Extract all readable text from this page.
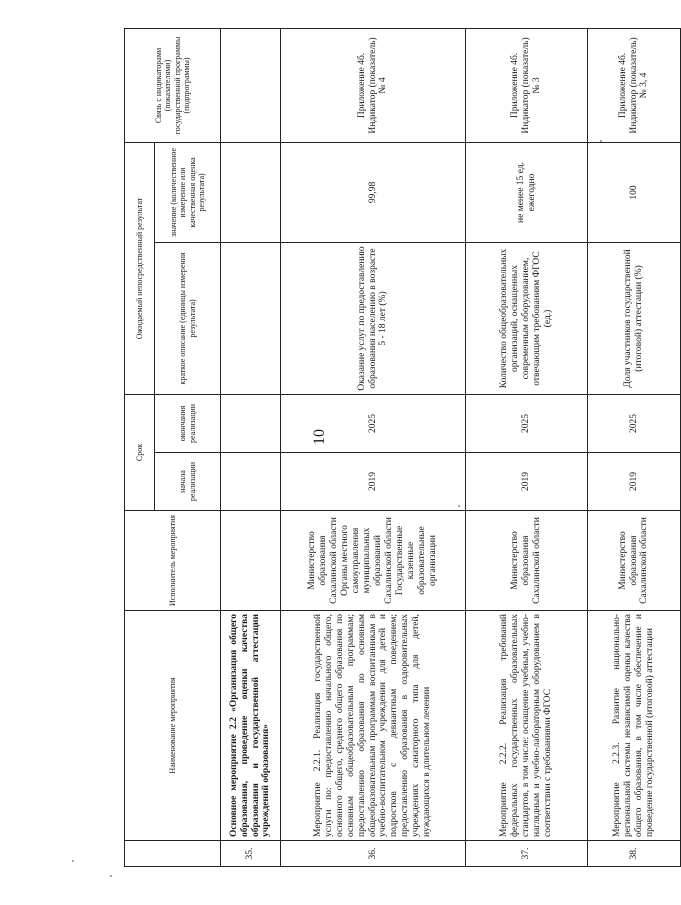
10
	Наименование мероприятия	Исполнитель мероприятия	Срок		Ожидаемый непосредственный результат		Связь с индикаторами (показателями) государственной программы (подпрограммы)
			начала реализации	окончания реализации	краткое описание (единицы измерения результата)	значение (количественное измерение или качественная оценка результата)	
35.	Основное мероприятие 2.2 «Организация общего образования, проведение оценки качества образования и государственной аттестации учреждений образования»						
36.	Мероприятие 2.2.1. Реализация государственной услуги по: предоставлению начального общего, основного общего, среднего общего образования по основным общеобразовательным программам; предоставлению образования по основным общеобразовательным программам воспитанникам в учебно-воспитательном учреждении для детей и подростков с девиантным поведением; предоставлению образования в оздоровительных учреждениях санаторного типа для детей, нуждающихся в длительном лечении	Министерство образования Сахалинской области Органы местного самоуправления муниципальных образований Сахалинской области Государственные казенные образовательные организации	2019	2025	Оказание услуг по предоставлению образования населению в возрасте 5 - 18 лет (%)	99,98	Приложение 4б. Индикатор (показатель) № 4
37.	Мероприятие 2.2.2. Реализация требований федеральных государственных образовательных стандартов, в том числе: оснащение учебным, учебно-наглядным и учебно-лабораторным оборудованием в соответствии с требованиями ФГОС	Министерство образования Сахалинской области	2019	2025	Количество общеобразовательных организаций, оснащенных современным оборудованием, отвечающим требованиям ФГОС (ед.)	не менее 15 ед. ежегодно	Приложение 4б. Индикатор (показатель) № 3
38.	Мероприятие 2.2.3. Развитие национально-региональной системы независимой оценки качества общего образования, в том числе обеспечение и проведение государственной (итоговой) аттестации	Министерство образования Сахалинской области	2019	2025	Доля участников государственной (итоговой) аттестации (%)	100	Приложение 4б. Индикатор (показатель) № 3, 4
